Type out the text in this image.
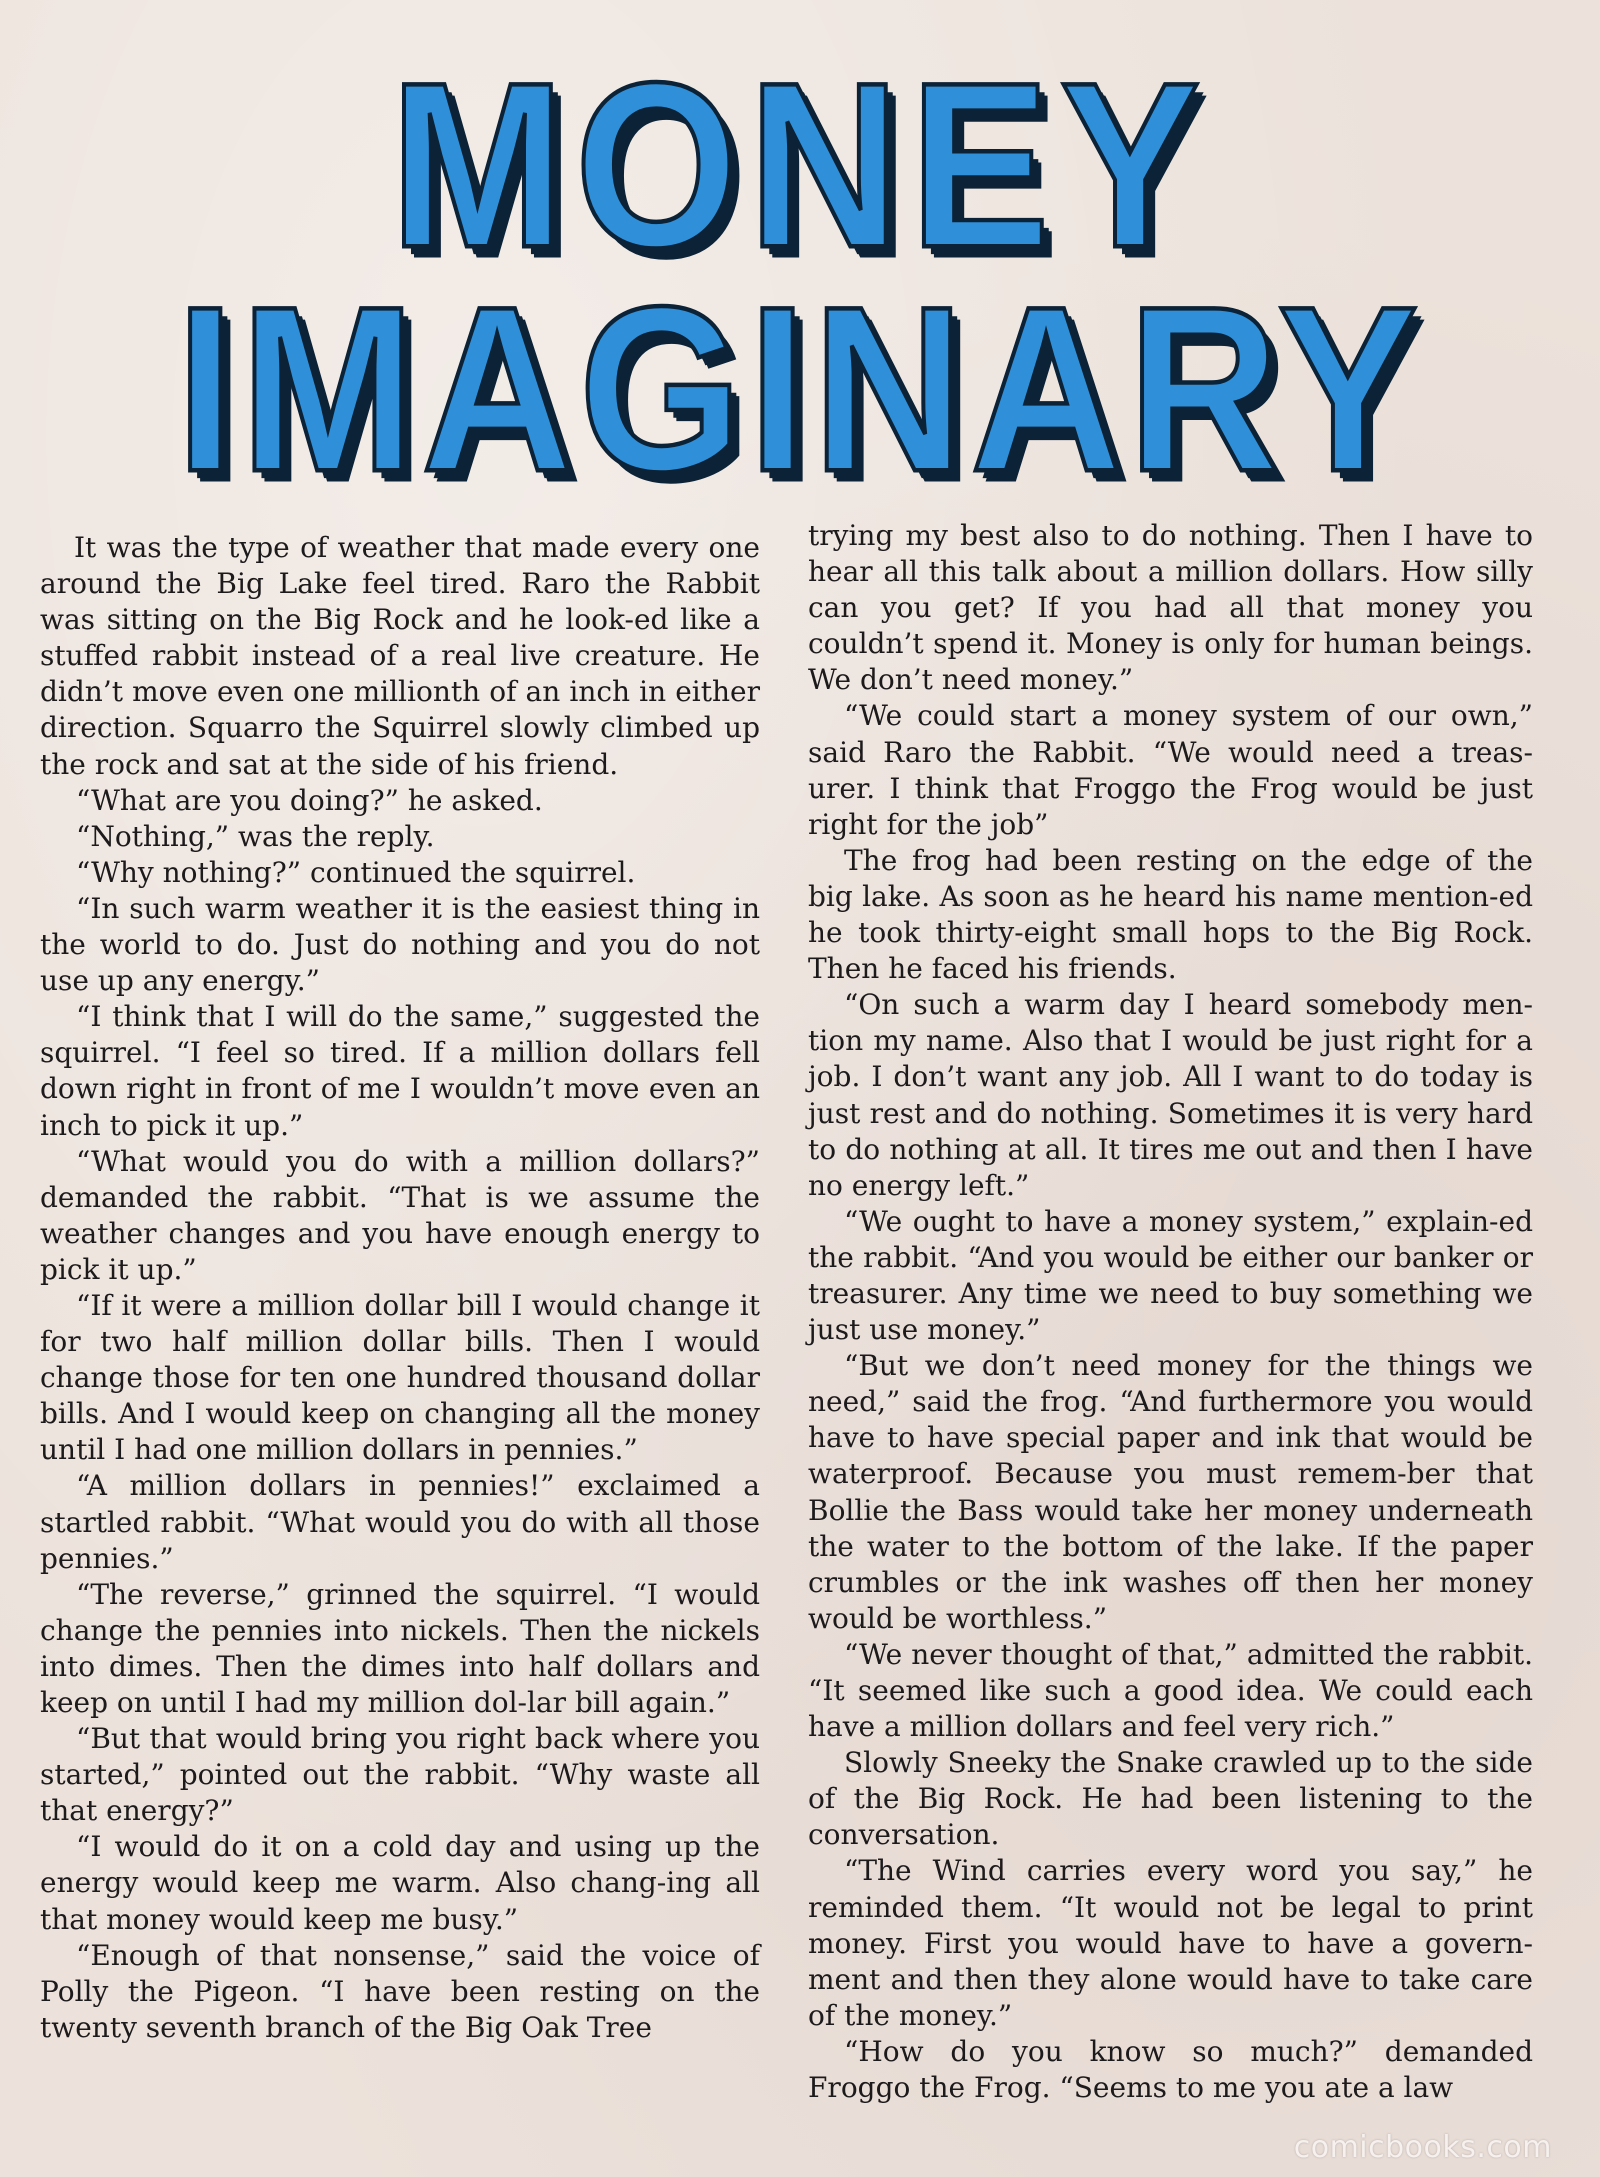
MONEY
IMAGINARY

It was the type of weather that made every one around the Big Lake feel tired. Raro the Rabbit was sitting on the Big Rock and he look-ed like a stuffed rabbit instead of a real live creature. He didn’t move even one millionth of an inch in either direction. Squarro the Squirrel slowly climbed up the rock and sat at the side of his friend.

“What are you doing?” he asked.

“Nothing,” was the reply.

“Why nothing?” continued the squirrel.

“In such warm weather it is the easiest thing in the world to do. Just do nothing and you do not use up any energy.”

“I think that I will do the same,” suggested the squirrel. “I feel so tired. If a million dollars fell down right in front of me I wouldn’t move even an inch to pick it up.”

“What would you do with a million dollars?” demanded the rabbit. “That is we assume the weather changes and you have enough energy to pick it up.”

“If it were a million dollar bill I would change it for two half million dollar bills. Then I would change those for ten one hundred thousand dollar bills. And I would keep on changing all the money until I had one million dollars in pennies.”

“A million dollars in pennies!” exclaimed a startled rabbit. “What would you do with all those pennies.”

“The reverse,” grinned the squirrel. “I would change the pennies into nickels. Then the nickels into dimes. Then the dimes into half dollars and keep on until I had my million dol-lar bill again.”

“But that would bring you right back where you started,” pointed out the rabbit. “Why waste all that energy?”

“I would do it on a cold day and using up the energy would keep me warm. Also chang-ing all that money would keep me busy.”

“Enough of that nonsense,” said the voice of Polly the Pigeon. “I have been resting on the twenty seventh branch of the Big Oak Tree

trying my best also to do nothing. Then I have to hear all this talk about a million dollars. How silly can you get? If you had all that money you couldn’t spend it. Money is only for human beings. We don’t need money.”

“We could start a money system of our own,” said Raro the Rabbit. “We would need a treas-urer. I think that Froggo the Frog would be just right for the job”

The frog had been resting on the edge of the big lake. As soon as he heard his name mention-ed he took thirty-eight small hops to the Big Rock. Then he faced his friends.

“On such a warm day I heard somebody men-tion my name. Also that I would be just right for a job. I don’t want any job. All I want to do today is just rest and do nothing. Sometimes it is very hard to do nothing at all. It tires me out and then I have no energy left.”

“We ought to have a money system,” explain-ed the rabbit. “And you would be either our banker or treasurer. Any time we need to buy something we just use money.”

“But we don’t need money for the things we need,” said the frog. “And furthermore you would have to have special paper and ink that would be waterproof. Because you must remem-ber that Bollie the Bass would take her money underneath the water to the bottom of the lake. If the paper crumbles or the ink washes off then her money would be worthless.”

“We never thought of that,” admitted the rabbit. “It seemed like such a good idea. We could each have a million dollars and feel very rich.”

Slowly Sneeky the Snake crawled up to the side of the Big Rock. He had been listening to the conversation.

“The Wind carries every word you say,” he reminded them. “It would not be legal to print money. First you would have to have a govern-ment and then they alone would have to take care of the money.”

“How do you know so much?” demanded Froggo the Frog. “Seems to me you ate a law

comicbooks.com
